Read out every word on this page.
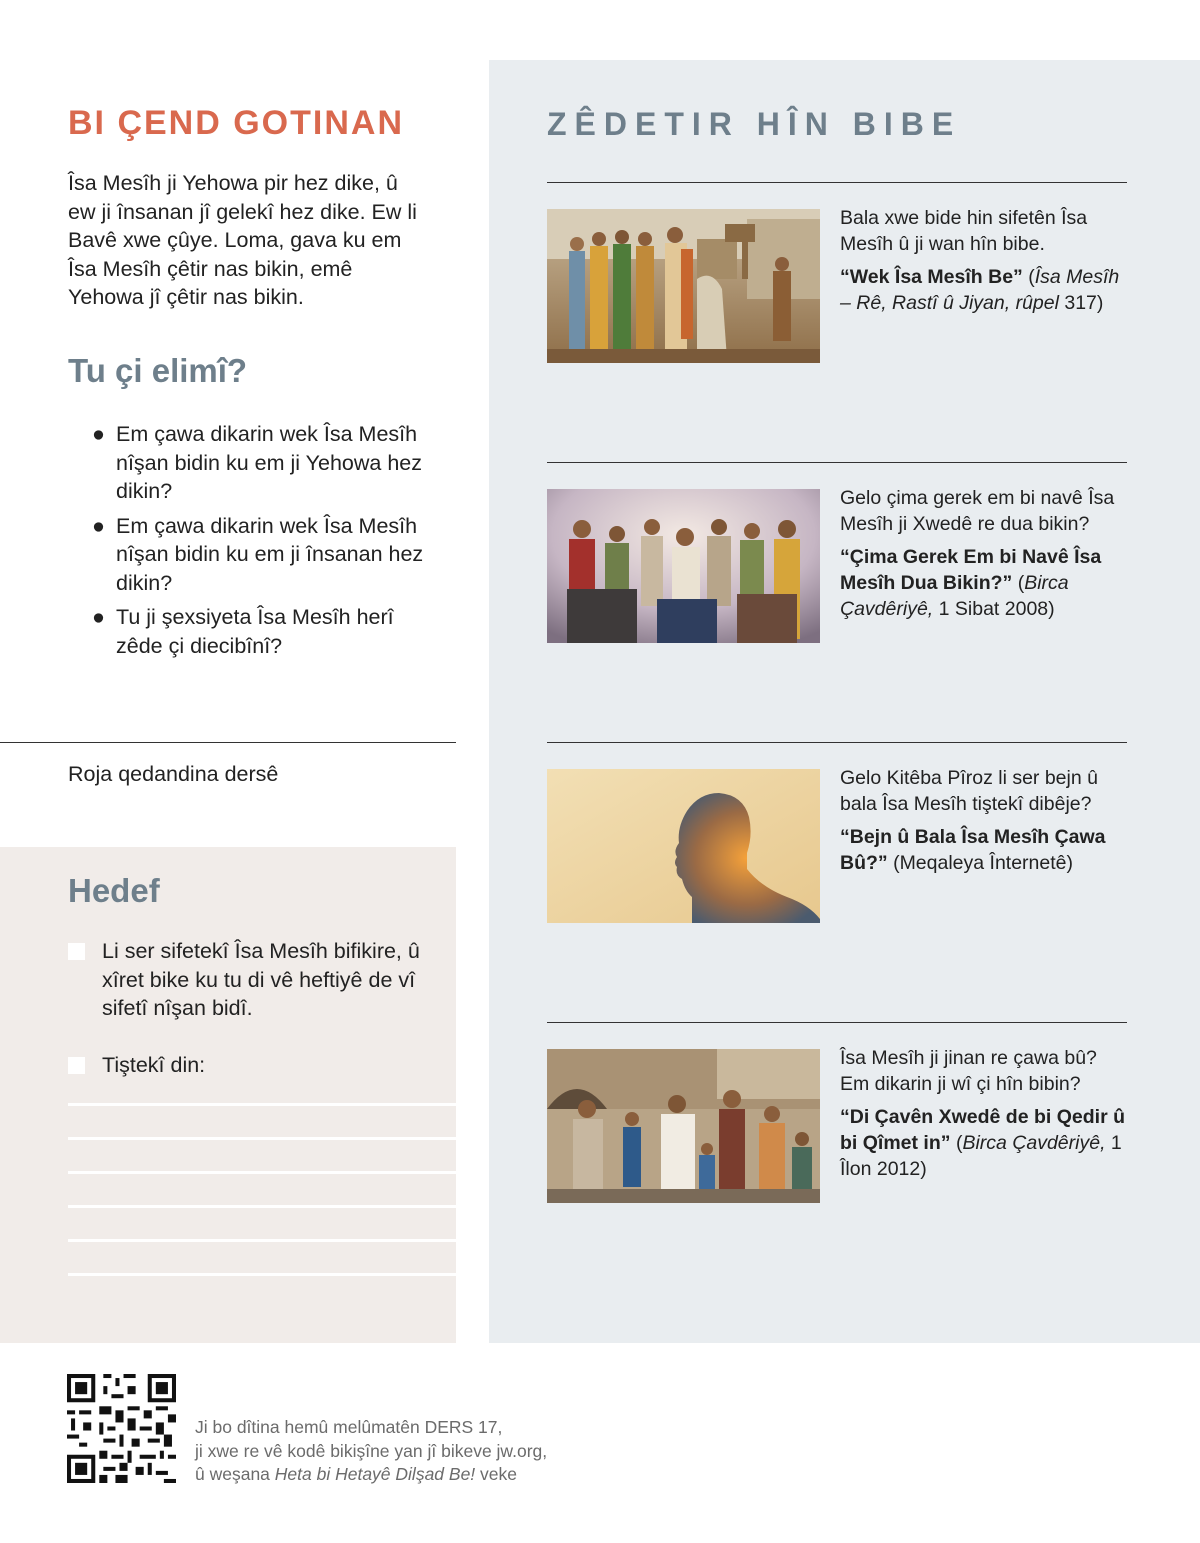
BI ÇEND GOTINAN

Îsa Mesîh ji Yehowa pir hez dike, û ew ji însanan jî gelekî hez dike. Ew li Bavê xwe çûye. Loma, gava ku em Îsa Mesîh çêtir nas bikin, emê Yehowa jî çêtir nas bikin.

Tu çi elimî?
● Em çawa dikarin wek Îsa Mesîh nîşan bidin ku em ji Yehowa hez dikin?
● Em çawa dikarin wek Îsa Mesîh nîşan bidin ku em ji însanan hez dikin?
● Tu ji şexsiyeta Îsa Mesîh herî zêde çi diecibînî?
Roja qedandina dersê
Hedef
Li ser sifetekî Îsa Mesîh bifikire, û xîret bike ku tu di vê heftiyê de vî sifetî nîşan bidî.
Tiştekî din:
ZÊDETIR HÎN BIBE
Bala xwe bide hin sifetên Îsa Mesîh û ji wan hîn bibe.
“Wek Îsa Mesîh Be” (Îsa Mesîh – Rê, Rastî û Jiyan, rûpel 317)
Gelo çima gerek em bi navê Îsa Mesîh ji Xwedê re dua bikin?
“Çima Gerek Em bi Navê Îsa Mesîh Dua Bikin?” (Birca Çavdêriyê, 1 Sibat 2008)
Gelo Kitêba Pîroz li ser bejn û bala Îsa Mesîh tiştekî dibêje?
“Bejn û Bala Îsa Mesîh Çawa Bû?” (Meqaleya Înternetê)
Îsa Mesîh ji jinan re çawa bû? Em dikarin ji wî çi hîn bibin?
“Di Çavên Xwedê de bi Qedir û bi Qîmet in” (Birca Çavdêriyê, 1 Îlon 2012)
Ji bo dîtina hemû melûmatên DERS 17,
ji xwe re vê kodê bikişîne yan jî bikeve jw.org,
û weşana Heta bi Hetayê Dilşad Be! veke
